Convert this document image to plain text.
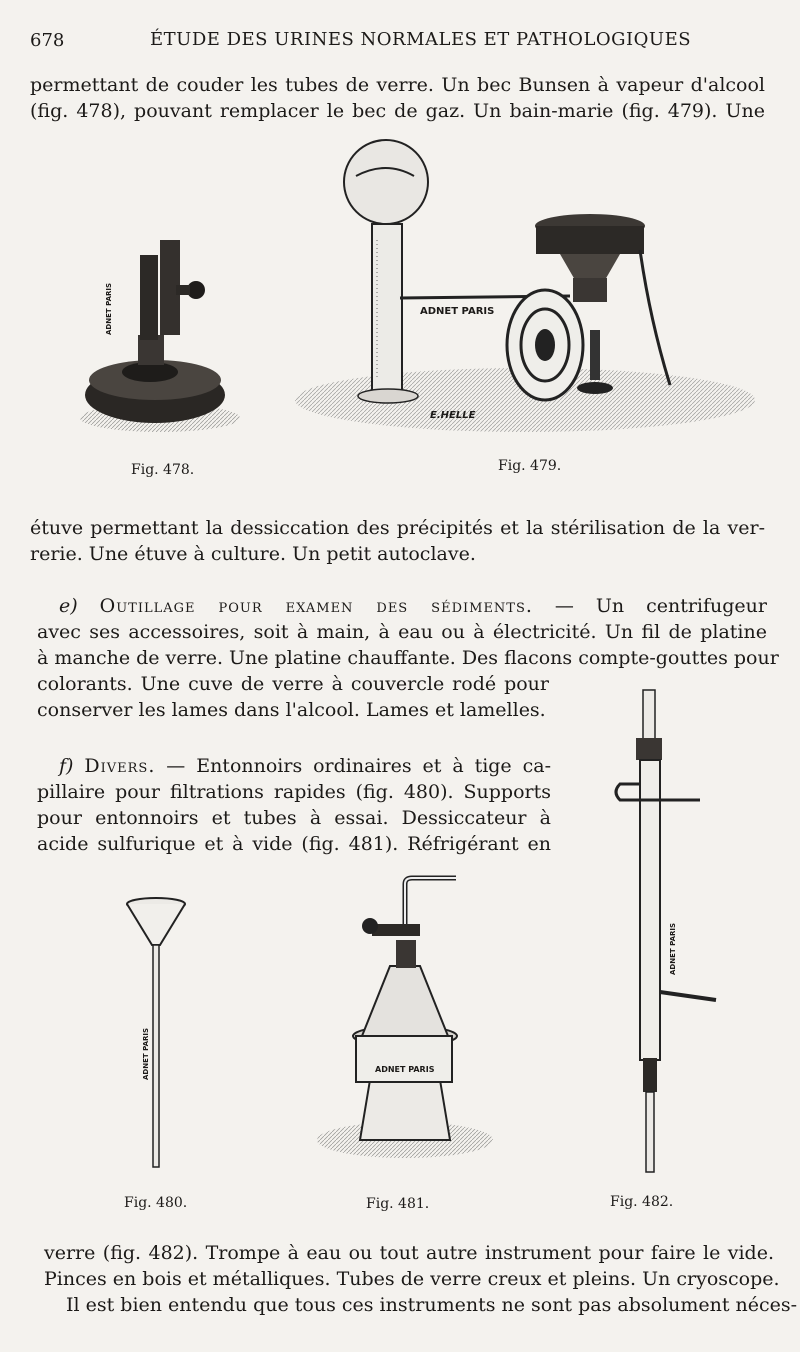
678	ÉTUDE DES URINES NORMALES ET PATHOLOGIQUES
permettant de couder les tubes de verre. Un bec Bunsen à vapeur d'alcool
(fig. 478), pouvant remplacer le bec de gaz. Un bain-marie (fig. 479). Une
ADNET PARIS	ADNET PARIS
E.HELLE
ADNET PARIS	ADNET PARIS
ADNET PARIS
Fig. 478.	Fig. 479.
étuve permettant la dessiccation des précipités et la stérilisation de la ver-
rerie. Une étuve à culture. Un petit autoclave.
e) Outillage pour examen des sédiments. — Un centrifugeur
avec ses accessoires, soit à main, à eau ou à électricité. Un fil de platine
à manche de verre. Une platine chauffante. Des flacons compte-gouttes pour
colorants. Une cuve de verre à couvercle rodé pour
conserver les lames dans l'alcool. Lames et lamelles.
f) Divers. — Entonnoirs ordinaires et à tige ca-
pillaire pour filtrations rapides (fig. 480). Supports
pour entonnoirs et tubes à essai. Dessiccateur à
acide sulfurique et à vide (fig. 481). Réfrigérant en
Fig. 480.	Fig. 481.	Fig. 482.
verre (fig. 482). Trompe à eau ou tout autre instrument pour faire le vide.
Pinces en bois et métalliques. Tubes de verre creux et pleins. Un cryoscope.
Il est bien entendu que tous ces instruments ne sont pas absolument néces-
